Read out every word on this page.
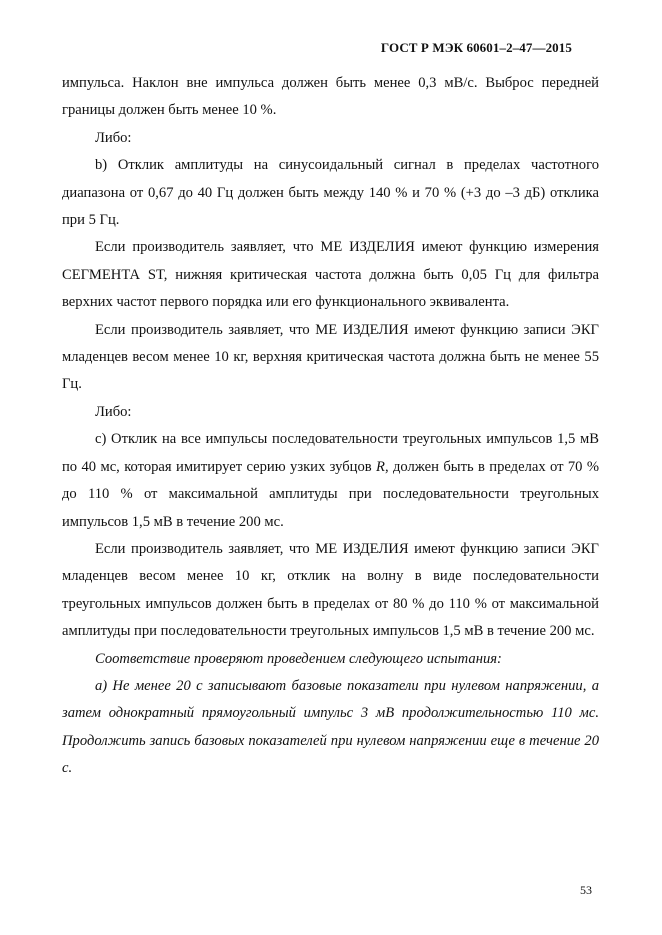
ГОСТ Р МЭК 60601–2–47—2015

импульса. Наклон вне импульса должен быть менее 0,3 мВ/с. Выброс передней границы должен быть менее 10 %.

Либо:

b) Отклик амплитуды на синусоидальный сигнал в пределах частотного диапазона от 0,67 до 40 Гц должен быть между 140 % и 70 % (+3 до –3 дБ) отклика при 5 Гц.

Если производитель заявляет, что МЕ ИЗДЕЛИЯ имеют функцию измерения СЕГМЕНТА ST, нижняя критическая частота должна быть 0,05 Гц для фильтра верхних частот первого порядка или его функционального эквивалента.

Если производитель заявляет, что МЕ ИЗДЕЛИЯ имеют функцию записи ЭКГ младенцев весом менее 10 кг, верхняя критическая частота должна быть не менее 55 Гц.

Либо:

с) Отклик на все импульсы последовательности треугольных импульсов 1,5 мВ по 40 мс, которая имитирует серию узких зубцов R, должен быть в пределах от 70 % до 110 % от максимальной амплитуды при последовательности треугольных импульсов 1,5 мВ в течение 200 мс.

Если производитель заявляет, что МЕ ИЗДЕЛИЯ имеют функцию записи ЭКГ младенцев весом менее 10 кг, отклик на волну в виде последовательности треугольных импульсов должен быть в пределах от 80 % до 110 % от максимальной амплитуды при последовательности треугольных импульсов 1,5 мВ в течение 200 мс.

Соответствие проверяют проведением следующего испытания:

а) Не менее 20 с записывают базовые показатели при нулевом напряжении, а затем однократный прямоугольный импульс 3 мВ продолжительностью 110 мс. Продолжить запись базовых показателей при нулевом напряжении еще в течение 20 с.

53
